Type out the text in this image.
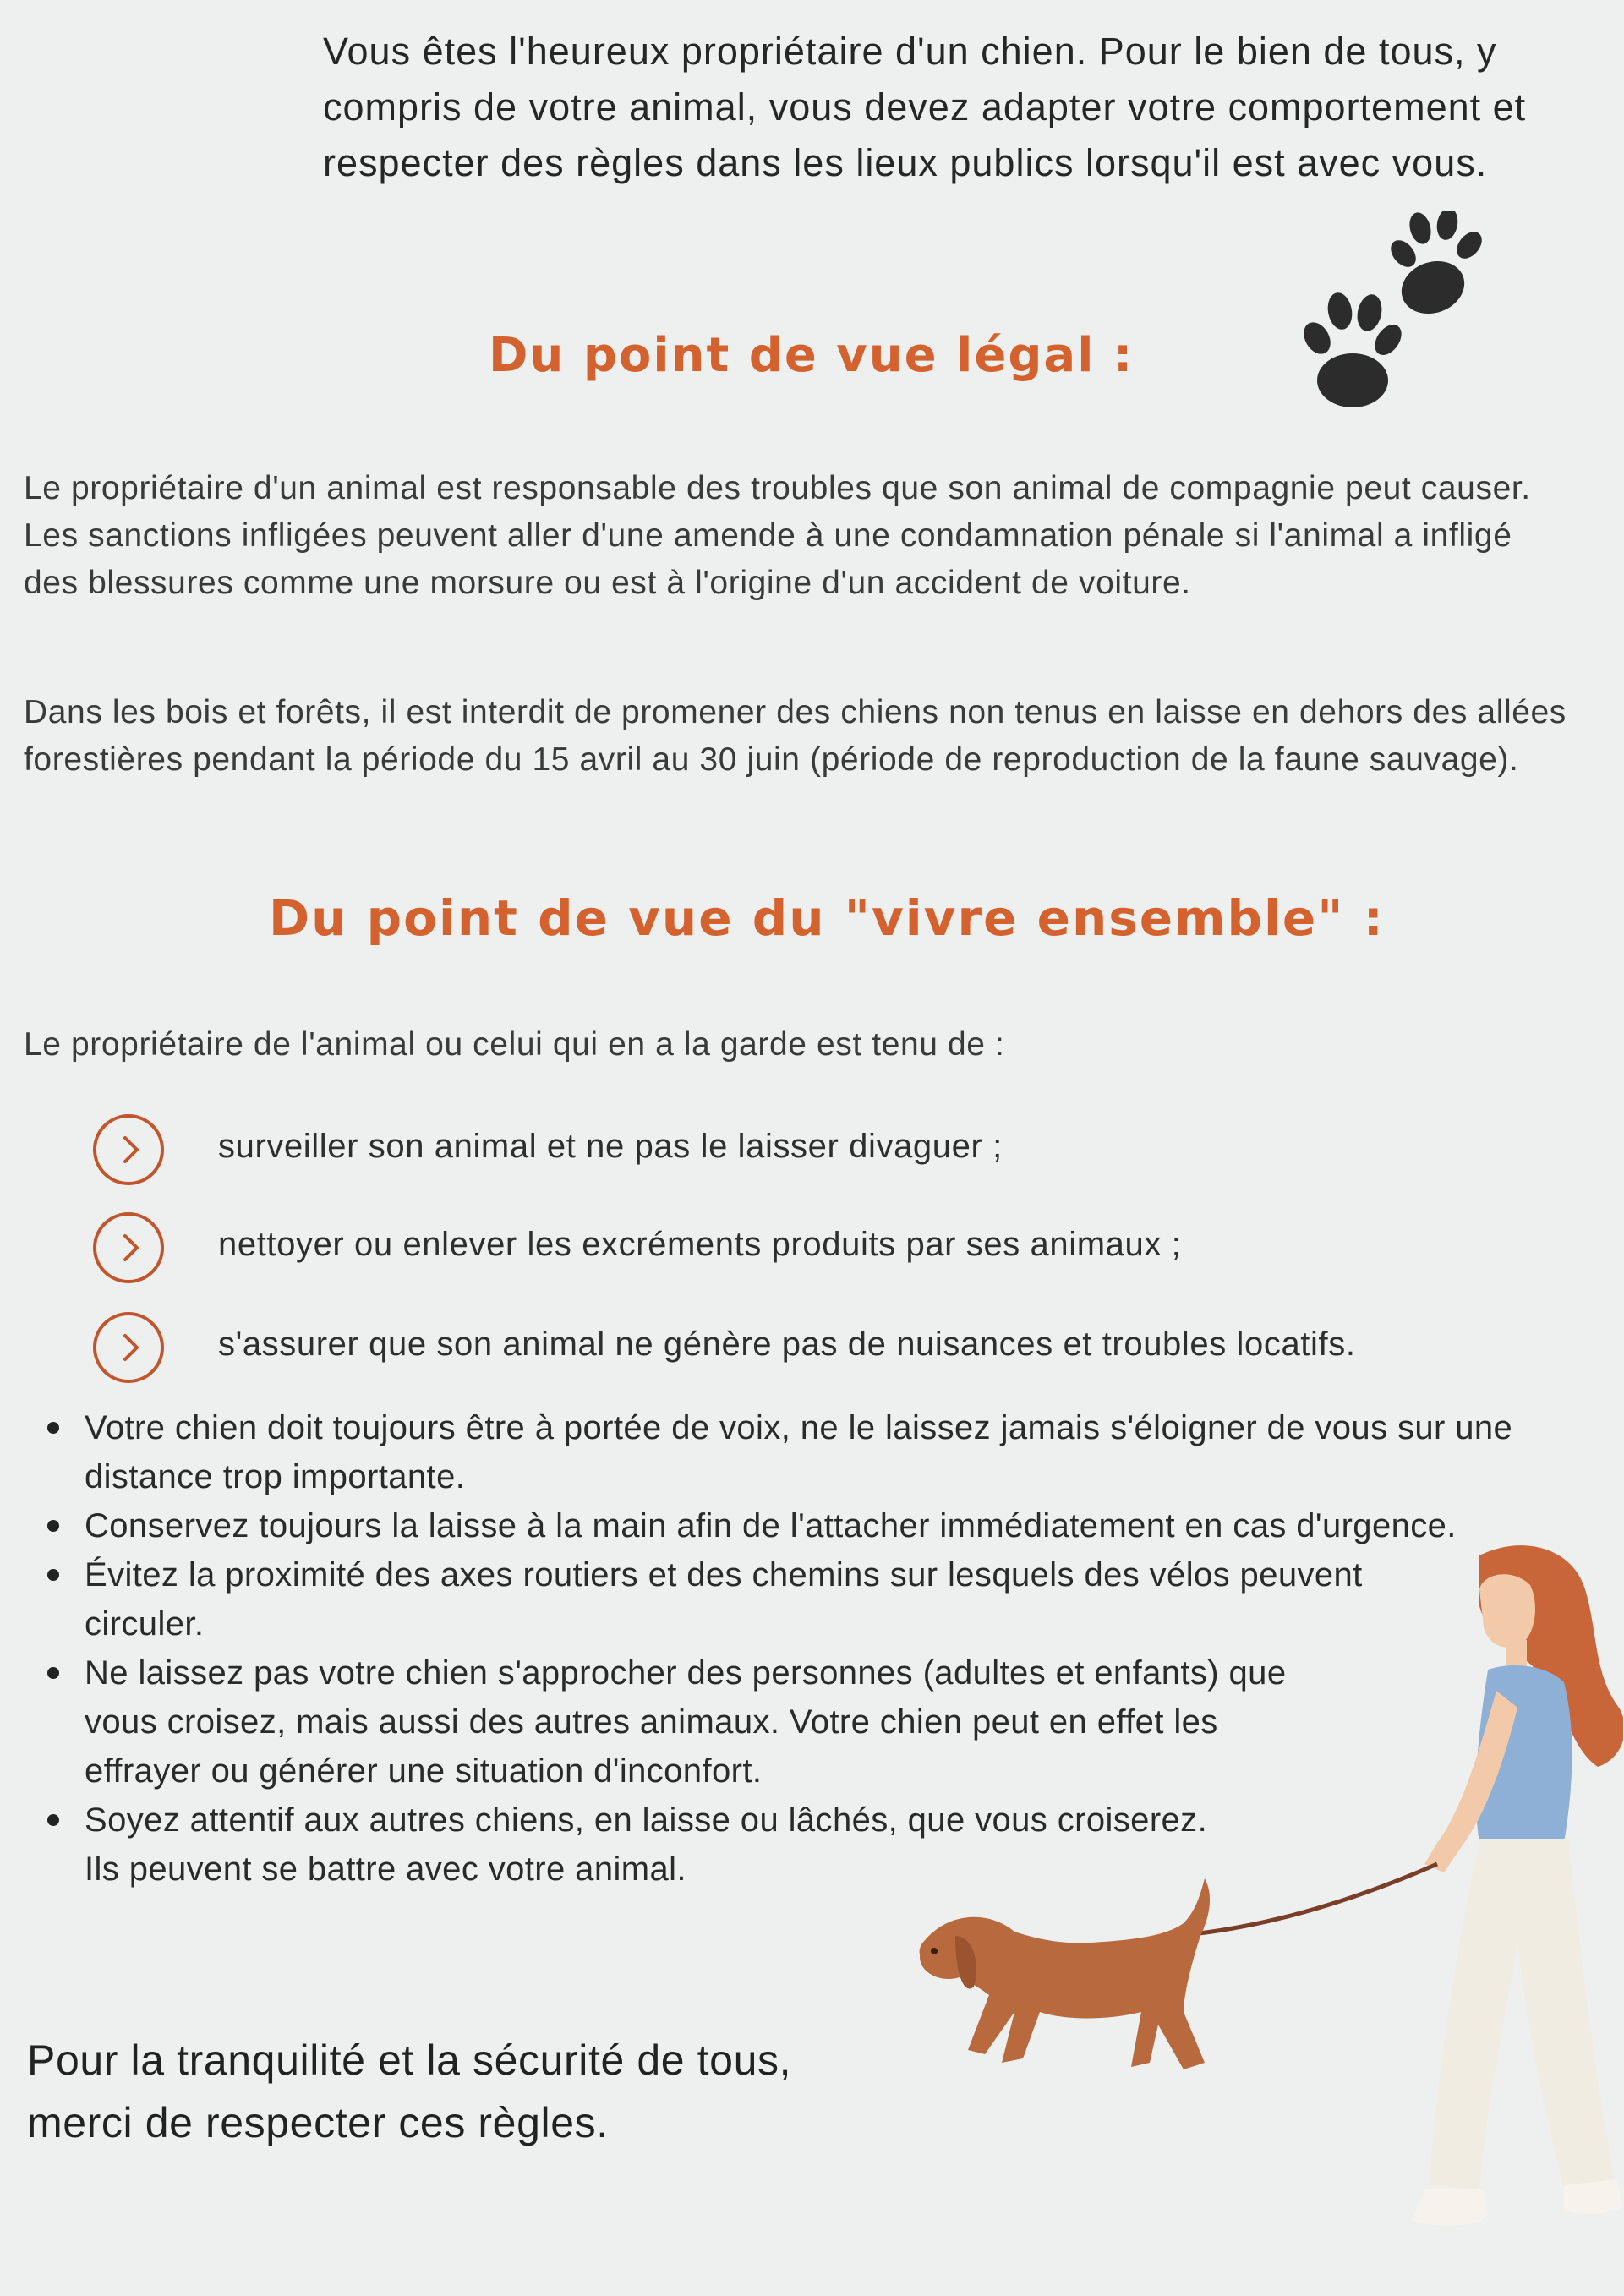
Vous êtes l'heureux propriétaire d'un chien. Pour le bien de tous, y compris de votre animal, vous devez adapter votre comportement et respecter des règles dans les lieux publics lorsqu'il est avec vous.
Du point de vue légal :
Le propriétaire d'un animal est responsable des troubles que son animal de compagnie peut causer. Les sanctions infligées peuvent aller d'une amende à une condamnation pénale si l'animal a infligé des blessures comme une morsure ou est à l'origine d'un accident de voiture.
Dans les bois et forêts, il est interdit de promener des chiens non tenus en laisse en dehors des allées forestières pendant la période du 15 avril au 30 juin (période de reproduction de la faune sauvage).
Du point de vue du "vivre ensemble" :
Le propriétaire de l'animal ou celui qui en a la garde est tenu de :
surveiller son animal et ne pas le laisser divaguer ;
nettoyer ou enlever les excréments produits par ses animaux ;
s'assurer que son animal ne génère pas de nuisances et troubles locatifs.
Votre chien doit toujours être à portée de voix, ne le laissez jamais s'éloigner de vous sur une distance trop importante.
Conservez toujours la laisse à la main afin de l'attacher immédiatement en cas d'urgence.
Évitez la proximité des axes routiers et des chemins sur lesquels des vélos peuvent circuler.
Ne laissez pas votre chien s'approcher des personnes (adultes et enfants) que vous croisez, mais aussi des autres animaux. Votre chien peut en effet les effrayer ou générer une situation d'inconfort.
Soyez attentif aux autres chiens, en laisse ou lâchés, que vous croiserez. Ils peuvent se battre avec votre animal.
Pour la tranquilité et la sécurité de tous, merci de respecter ces règles.
